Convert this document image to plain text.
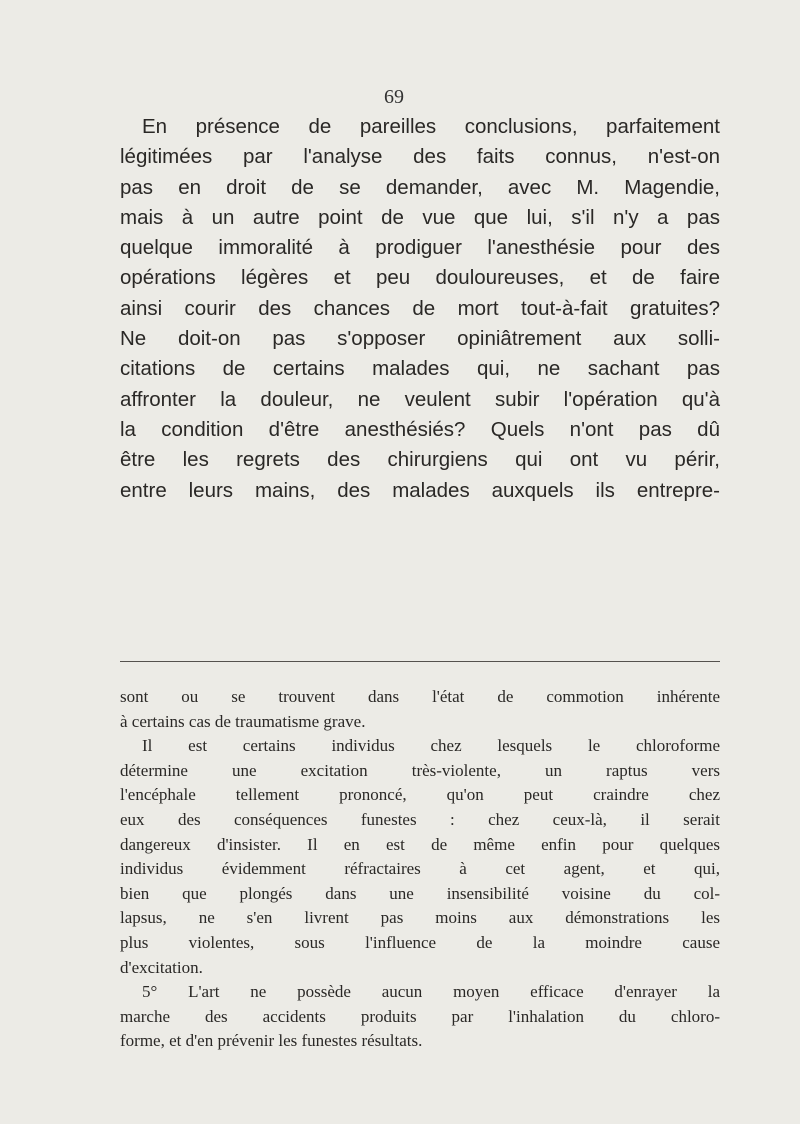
69
En présence de pareilles conclusions, parfaitement
légitimées par l'analyse des faits connus, n'est-on
pas en droit de se demander, avec M. Magendie,
mais à un autre point de vue que lui, s'il n'y a pas
quelque immoralité à prodiguer l'anesthésie pour des
opérations légères et peu douloureuses, et de faire
ainsi courir des chances de mort tout-à-fait gratuites?
Ne doit-on pas s'opposer opiniâtrement aux solli-
citations de certains malades qui, ne sachant pas
affronter la douleur, ne veulent subir l'opération qu'à
la condition d'être anesthésiés? Quels n'ont pas dû
être les regrets des chirurgiens qui ont vu périr,
entre leurs mains, des malades auxquels ils entrepre-
sont ou se trouvent dans l'état de commotion inhérente
à certains cas de traumatisme grave.
Il est certains individus chez lesquels le chloroforme
détermine une excitation très-violente, un raptus vers
l'encéphale tellement prononcé, qu'on peut craindre chez
eux des conséquences funestes : chez ceux-là, il serait
dangereux d'insister. Il en est de même enfin pour quelques
individus évidemment réfractaires à cet agent, et qui,
bien que plongés dans une insensibilité voisine du col-
lapsus, ne s'en livrent pas moins aux démonstrations les
plus violentes, sous l'influence de la moindre cause
d'excitation.
5° L'art ne possède aucun moyen efficace d'enrayer la
marche des accidents produits par l'inhalation du chloro-
forme, et d'en prévenir les funestes résultats.
